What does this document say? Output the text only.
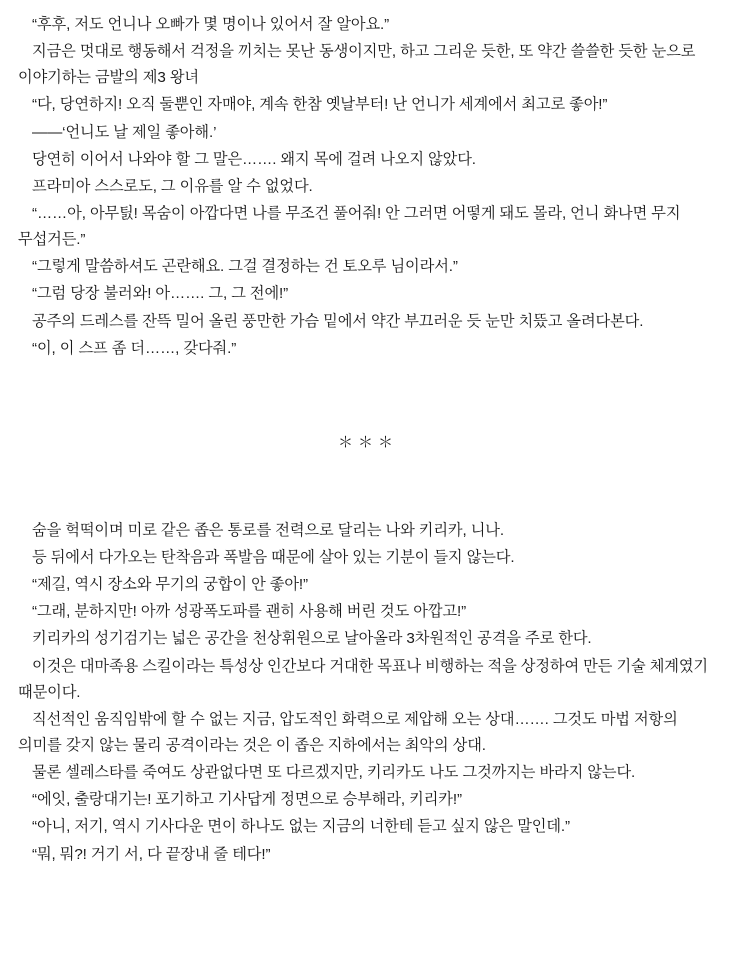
“후후, 저도 언니나 오빠가 몇 명이나 있어서 잘 알아요.”

지금은 멋대로 행동해서 걱정을 끼치는 못난 동생이지만, 하고 그리운 듯한, 또 약간 쓸쓸한 듯한 눈으로 이야기하는 금발의 제3 왕녀

“다, 당연하지! 오직 둘뿐인 자매야, 계속 한참 옛날부터! 난 언니가 세계에서 최고로 좋아!”

——‘언니도 날 제일 좋아해.’

당연히 이어서 나와야 할 그 말은……. 왜지 목에 걸려 나오지 않았다.

프라미아 스스로도, 그 이유를 알 수 없었다.

“……아, 아무틼! 목숨이 아깝다면 나를 무조건 풀어줘! 안 그러면 어떻게 돼도 몰라, 언니 화나면 무지 무섭거든.”

“그렇게 말씀하셔도 곤란해요. 그걸 결정하는 건 토오루 님이라서.”

“그럼 당장 불러와! 아……. 그, 그 전에!”

공주의 드레스를 잔뜩 밀어 올린 풍만한 가슴 밑에서 약간 부끄러운 듯 눈만 치뜼고 올려다본다.

“이, 이 스프 좀 더……, 갖다줘.”

＊＊＊

숨을 헉떡이며 미로 같은 좁은 통로를 전력으로 달리는 나와 키리카, 니나.

등 뒤에서 다가오는 탄착음과 폭발음 때문에 살아 있는 기분이 들지 않는다.

“제길, 역시 장소와 무기의 궁합이 안 좋아!”

“그래, 분하지만! 아까 성광폭도파를 괜히 사용해 버린 것도 아깝고!”

키리카의 성기검기는 넓은 공간을 천상휘원으로 날아올라 3차원적인 공격을 주로 한다.

이것은 대마족용 스킬이라는 특성상 인간보다 거대한 목표나 비행하는 적을 상정하여 만든 기술 체계였기 때문이다.

직선적인 움직임밖에 할 수 없는 지금, 압도적인 화력으로 제압해 오는 상대……. 그것도 마법 저항의 의미를 갖지 않는 물리 공격이라는 것은 이 좁은 지하에서는 최악의 상대.

물론 셀레스타를 죽여도 상관없다면 또 다르겠지만, 키리카도 나도 그것까지는 바라지 않는다.

“에잇, 출랑대기는! 포기하고 기사답게 정면으로 승부해라, 키리카!”

“아니, 저기, 역시 기사다운 면이 하나도 없는 지금의 너한테 듣고 싶지 않은 말인데.”

“뭐, 뭐?! 거기 서, 다 끝장내 줄 테다!”
